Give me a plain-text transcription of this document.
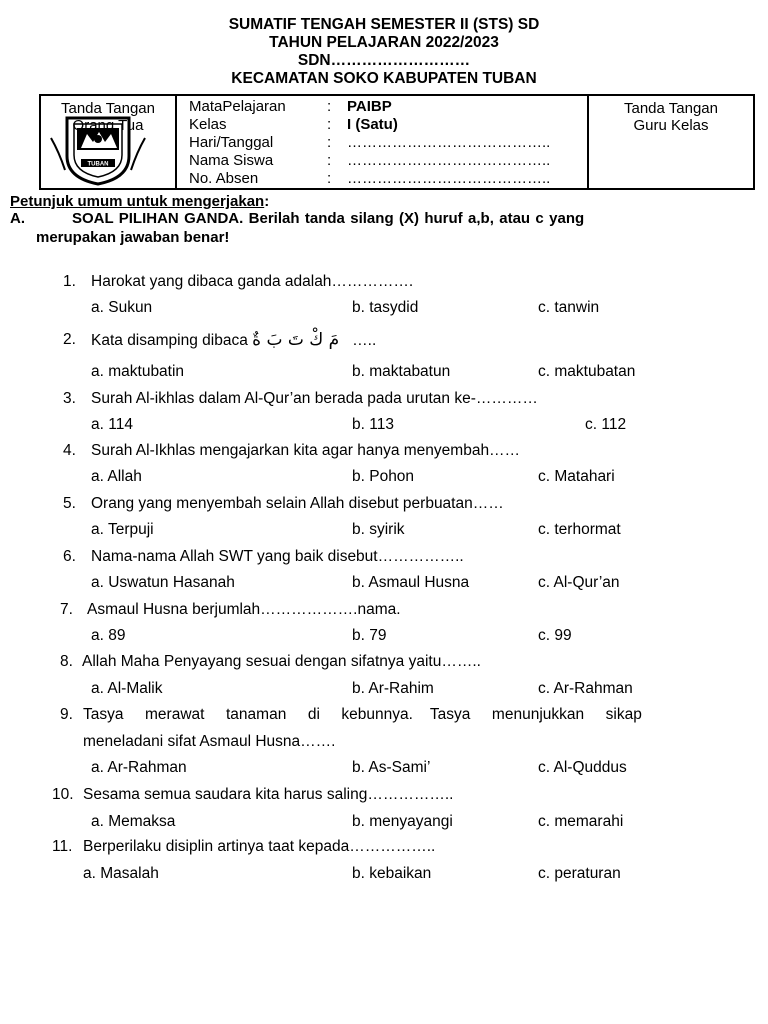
SUMATIF TENGAH SEMESTER II (STS) SD
TAHUN PELAJARAN 2022/2023
SDN………………………
KECAMATAN SOKO KABUPATEN TUBAN
TUBAN
Tanda Tangan
Orang Tua
MataPelajaran	: PAIBP
Kelas	: I (Satu)
Hari/Tanggal	: …………………………………..
Nama Siswa	: …………………………………..
No. Absen	: …………………………………..
Tanda Tangan
Guru Kelas
Petunjuk umum untuk mengerjakan:
A.	SOAL PILIHAN GANDA. Berilah tanda silang (X) huruf a,b, atau c yang
merupakan jawaban benar!
1. Harokat yang dibaca ganda adalah…………….
a. Sukun	b. tasydid	c. tanwin
2. Kata disamping dibaca مَ كْ تَ بَ ةٌ …..
a. maktubatin	b. maktabatun	c. maktubatan
3. Surah Al-ikhlas dalam Al-Qur’an berada pada urutan ke-…………
a. 114	b. 113	c. 112
4. Surah Al-Ikhlas mengajarkan kita agar hanya menyembah……
a. Allah	b. Pohon	c. Matahari
5. Orang yang menyembah selain Allah disebut perbuatan……
a. Terpuji	b. syirik	c. terhormat
6. Nama-nama Allah SWT yang baik disebut……………..
a. Uswatun Hasanah	b. Asmaul Husna	c. Al-Qur’an
7. Asmaul Husna berjumlah……………….nama.
a. 89	b. 79	c. 99
8. Allah Maha Penyayang sesuai dengan sifatnya yaitu……..
a. Al-Malik	b. Ar-Rahim	c. Ar-Rahman
9. Tasya     merawat     tanaman     di     kebunnya.    Tasya     menunjukkan     sikap
meneladani sifat Asmaul Husna…….
a. Ar-Rahman	b. As-Sami’	c. Al-Quddus
10. Sesama semua saudara kita harus saling……………..
a. Memaksa	b. menyayangi	c. memarahi
11. Berperilaku disiplin artinya taat kepada……………..
a. Masalah	b. kebaikan	c. peraturan
